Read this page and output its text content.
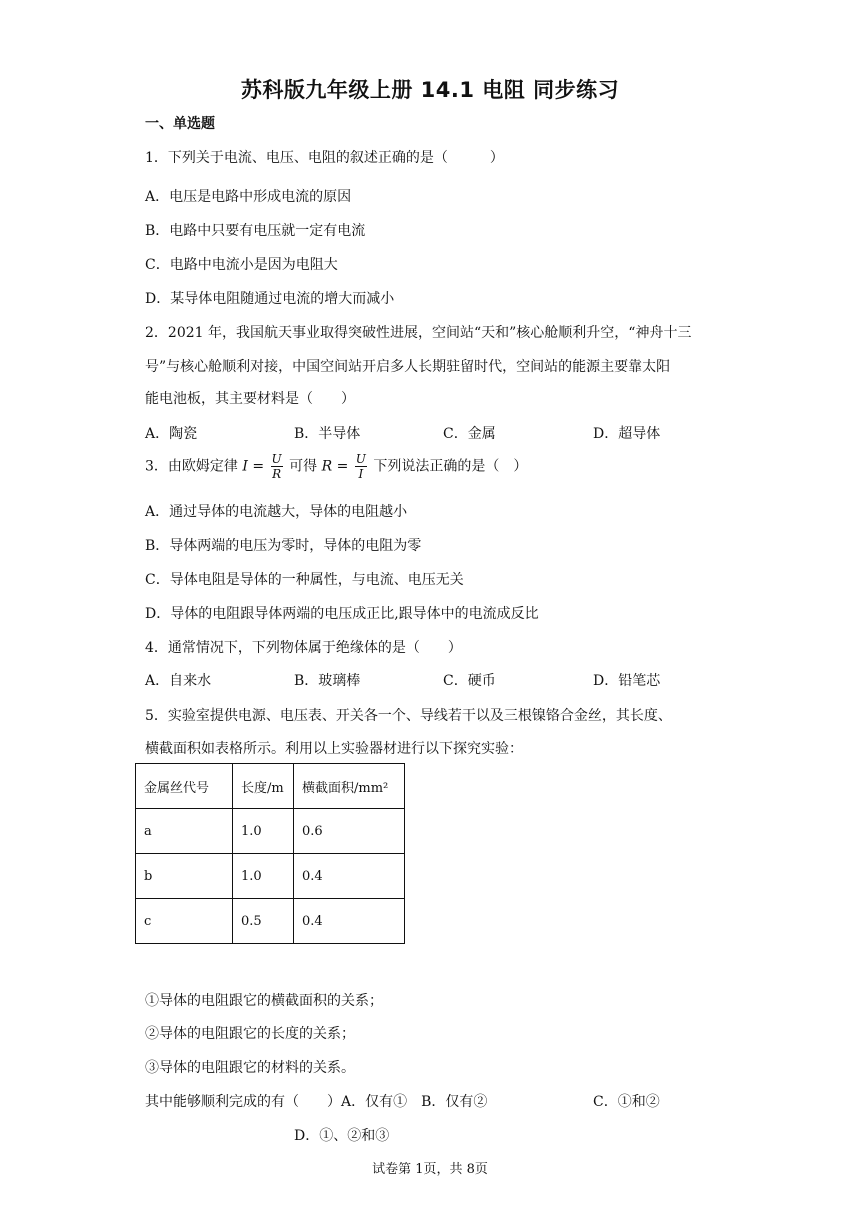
苏科版九年级上册 14.1 电阻 同步练习
一、单选题
1．下列关于电流、电压、电阻的叙述正确的是（　　　）
A．电压是电路中形成电流的原因
B．电路中只要有电压就一定有电流
C．电路中电流小是因为电阻大
D．某导体电阻随通过电流的增大而减小
2．2021 年，我国航天事业取得突破性进展，空间站“天和”核心舱顺利升空，“神舟十三
号”与核心舱顺利对接，中国空间站开启多人长期驻留时代，空间站的能源主要靠太阳
能电池板，其主要材料是（　　）
A．陶瓷	B．半导体	C．金属	D．超导体
3．由欧姆定律 $I = \frac{U}{R}$ 可得 $R = \frac{U}{I}$ 下列说法正确的是（　）
A．通过导体的电流越大，导体的电阻越小
B．导体两端的电压为零时，导体的电阻为零
C．导体电阻是导体的一种属性，与电流、电压无关
D．导体的电阻跟导体两端的电压成正比,跟导体中的电流成反比
4．通常情况下，下列物体属于绝缘体的是（　　）
A．自来水	B．玻璃棒	C．硬币	D．铅笔芯
5．实验室提供电源、电压表、开关各一个、导线若干以及三根镍铬合金丝，其长度、
横截面积如表格所示。利用以上实验器材进行以下探究实验：
金属丝代号	长度/m	横截面积/mm²
a	1.0	0.6
b	1.0	0.4
c	0.5	0.4
①导体的电阻跟它的横截面积的关系；
②导体的电阻跟它的长度的关系；
③导体的电阻跟它的材料的关系。
其中能够顺利完成的有（　　）A．仅有①　B．仅有②	C．①和②
D．①、②和③
试卷第 1页，共 8页
